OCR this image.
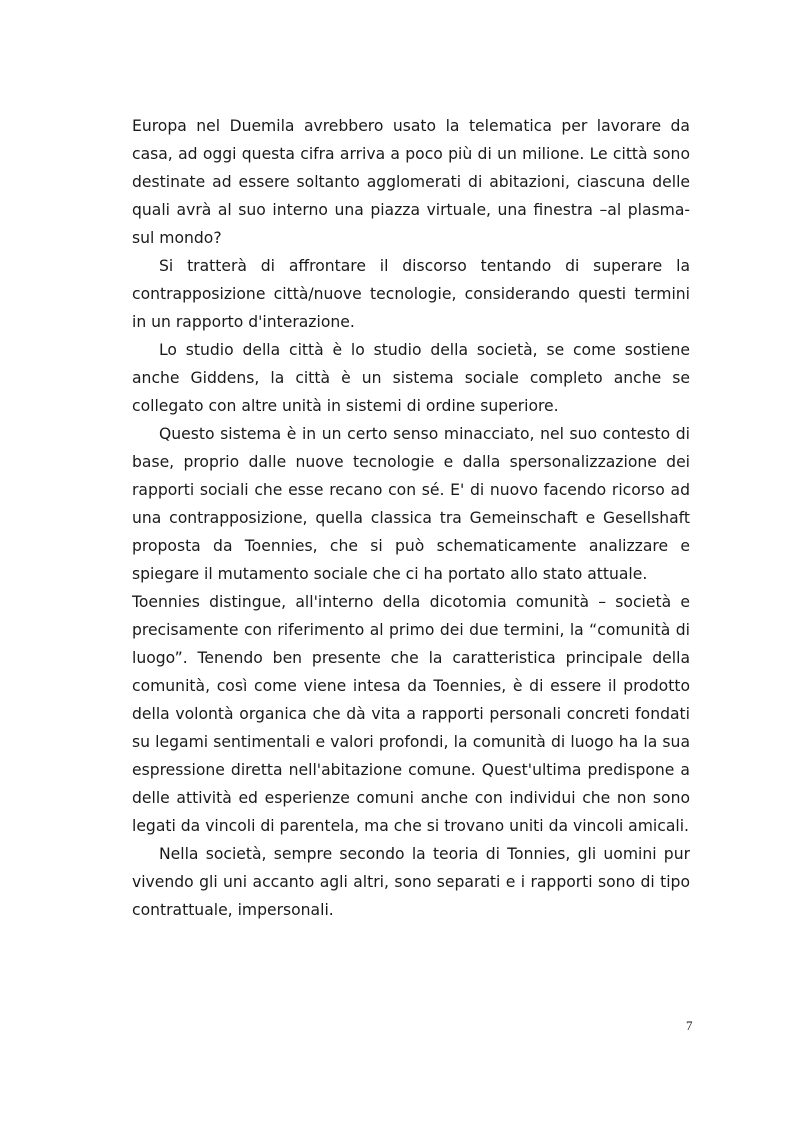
Europa nel Duemila avrebbero usato la telematica per lavorare da casa, ad oggi questa cifra arriva a poco più di un milione. Le città sono destinate ad essere soltanto agglomerati di abitazioni, ciascuna delle quali avrà al suo interno una piazza virtuale, una finestra –al plasma- sul mondo?

Si tratterà di affrontare il discorso tentando di superare la contrapposizione città/nuove tecnologie, considerando questi termini in un rapporto d'interazione.

Lo studio della città è lo studio della società, se come sostiene anche Giddens, la città è un sistema sociale completo anche se collegato con altre unità in sistemi di ordine superiore.

Questo sistema è in un certo senso minacciato, nel suo contesto di base, proprio dalle nuove tecnologie e dalla spersonalizzazione dei rapporti sociali che esse recano con sé. E' di nuovo facendo ricorso ad una contrapposizione, quella classica tra Gemeinschaft e Gesellshaft proposta da Toennies, che si può schematicamente analizzare e spiegare il mutamento sociale che ci ha portato allo stato attuale.

Toennies distingue, all'interno della dicotomia comunità – società e precisamente con riferimento al primo dei due termini, la “comunità di luogo”. Tenendo ben presente che la caratteristica principale della comunità, così come viene intesa da Toennies, è di essere il prodotto della volontà organica che dà vita a rapporti personali concreti fondati su legami sentimentali e valori profondi, la comunità di luogo ha la sua espressione diretta nell'abitazione comune. Quest'ultima predispone a delle attività ed esperienze comuni anche con individui che non sono legati da vincoli di parentela, ma che si trovano uniti da vincoli amicali.

Nella società, sempre secondo la teoria di Tonnies, gli uomini pur vivendo gli uni accanto agli altri, sono separati e i rapporti sono di tipo contrattuale, impersonali.

7
